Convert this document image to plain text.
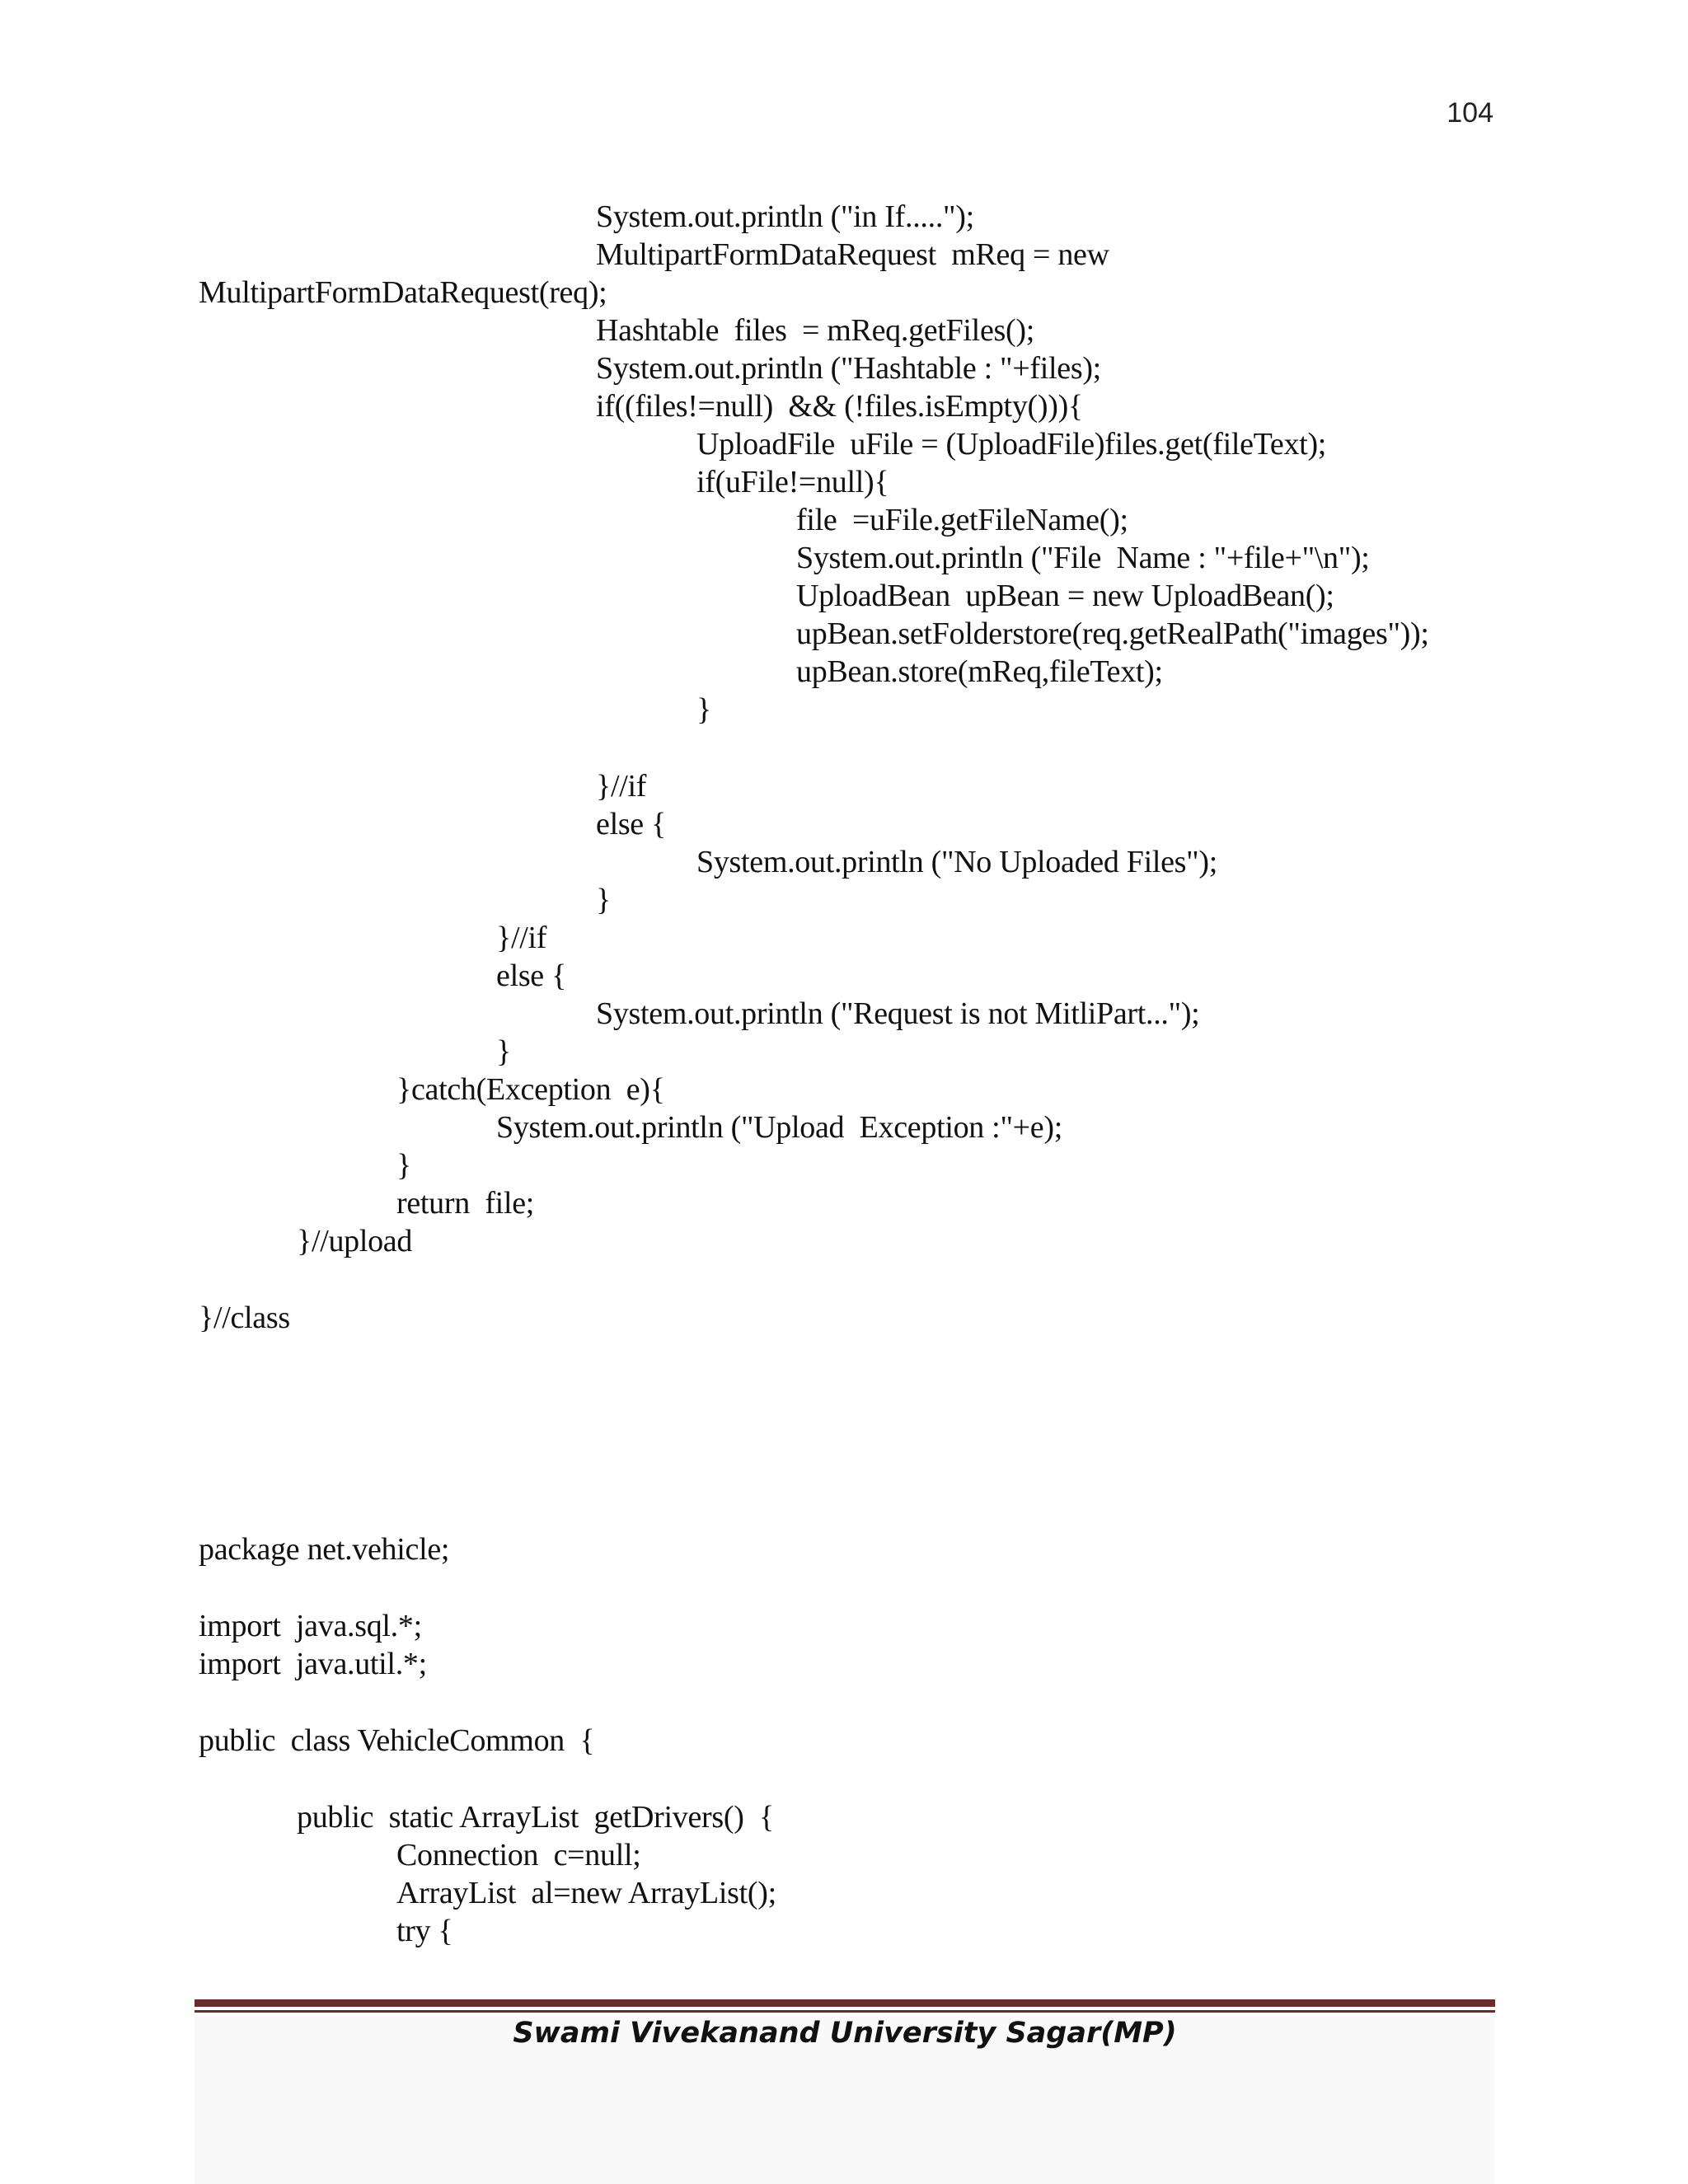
104
System.out.println ("in If.....");
MultipartFormDataRequest  mReq = new
MultipartFormDataRequest(req);
Hashtable  files  = mReq.getFiles();
System.out.println ("Hashtable : "+files);
if((files!=null)  && (!files.isEmpty())){
UploadFile  uFile = (UploadFile)files.get(fileText);
if(uFile!=null){
file  =uFile.getFileName();
System.out.println ("File  Name : "+file+"\n");
UploadBean  upBean = new UploadBean();
upBean.setFolderstore(req.getRealPath("images"));
upBean.store(mReq,fileText);
}
}//if
else {
System.out.println ("No Uploaded Files");
}
}//if
else {
System.out.println ("Request is not MitliPart...");
}
}catch(Exception  e){
System.out.println ("Upload  Exception :"+e);
}
return  file;
}//upload
}//class
package net.vehicle;
import  java.sql.*;
import  java.util.*;
public  class VehicleCommon  {
public  static ArrayList  getDrivers()  {
Connection  c=null;
ArrayList  al=new ArrayList();
try {
Swami Vivekanand University Sagar(MP)
